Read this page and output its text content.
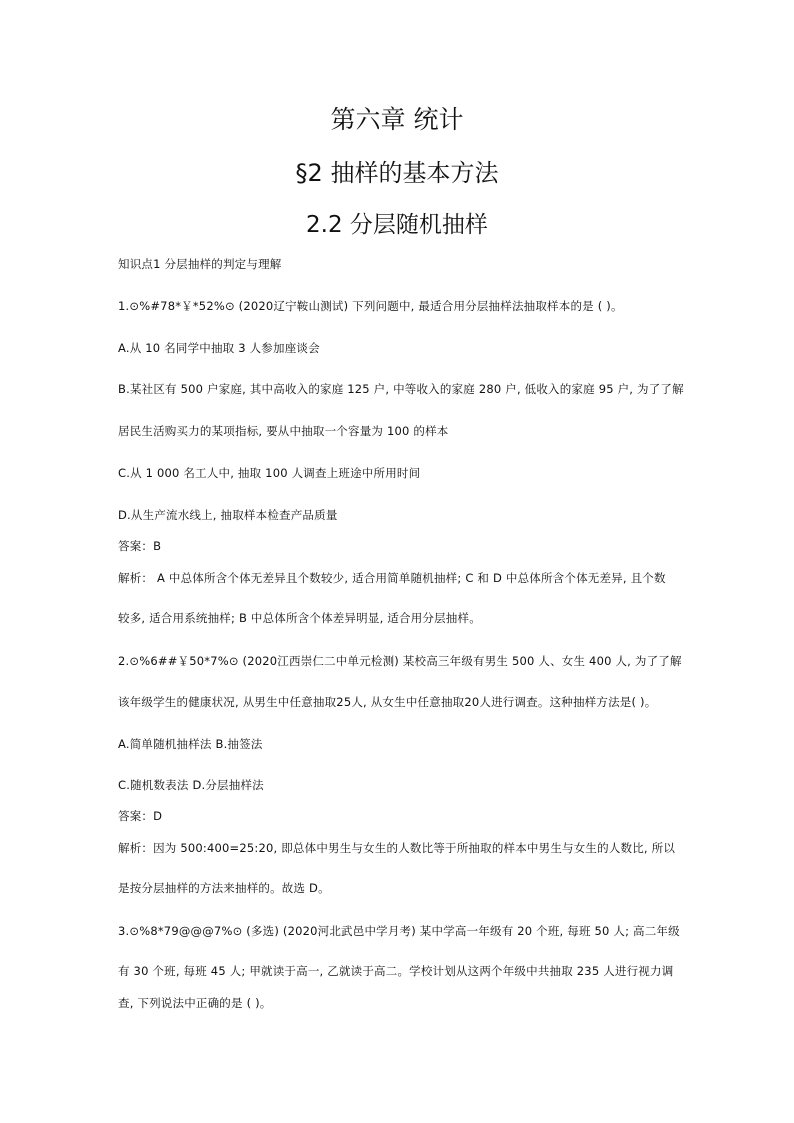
第六章 统计
§2 抽样的基本方法
2.2 分层随机抽样
知识点1 分层抽样的判定与理解
1.⊙%#78*￥*52%⊙ (2020辽宁鞍山测试) 下列问题中, 最适合用分层抽样法抽取样本的是 ( )。
A.从 10 名同学中抽取 3 人参加座谈会
B.某社区有 500 户家庭, 其中高收入的家庭 125 户, 中等收入的家庭 280 户, 低收入的家庭 95 户, 为了了解
居民生活购买力的某项指标, 要从中抽取一个容量为 100 的样本
C.从 1 000 名工人中, 抽取 100 人调查上班途中所用时间
D.从生产流水线上, 抽取样本检查产品质量
答案：B
解析： A 中总体所含个体无差异且个数较少, 适合用简单随机抽样; C 和 D 中总体所含个体无差异, 且个数
较多, 适合用系统抽样; B 中总体所含个体差异明显, 适合用分层抽样。
2.⊙%6##￥50*7%⊙ (2020江西崇仁二中单元检测) 某校高三年级有男生 500 人、女生 400 人, 为了了解
该年级学生的健康状况, 从男生中任意抽取25人, 从女生中任意抽取20人进行调查。这种抽样方法是( )。
A.简单随机抽样法 B.抽签法
C.随机数表法 D.分层抽样法
答案：D
解析：因为 500:400=25:20, 即总体中男生与女生的人数比等于所抽取的样本中男生与女生的人数比, 所以
是按分层抽样的方法来抽样的。故选 D。
3.⊙%8*79@@@7%⊙ (多选) (2020河北武邑中学月考) 某中学高一年级有 20 个班, 每班 50 人; 高二年级
有 30 个班, 每班 45 人; 甲就读于高一, 乙就读于高二。学校计划从这两个年级中共抽取 235 人进行视力调
查, 下列说法中正确的是 ( )。
